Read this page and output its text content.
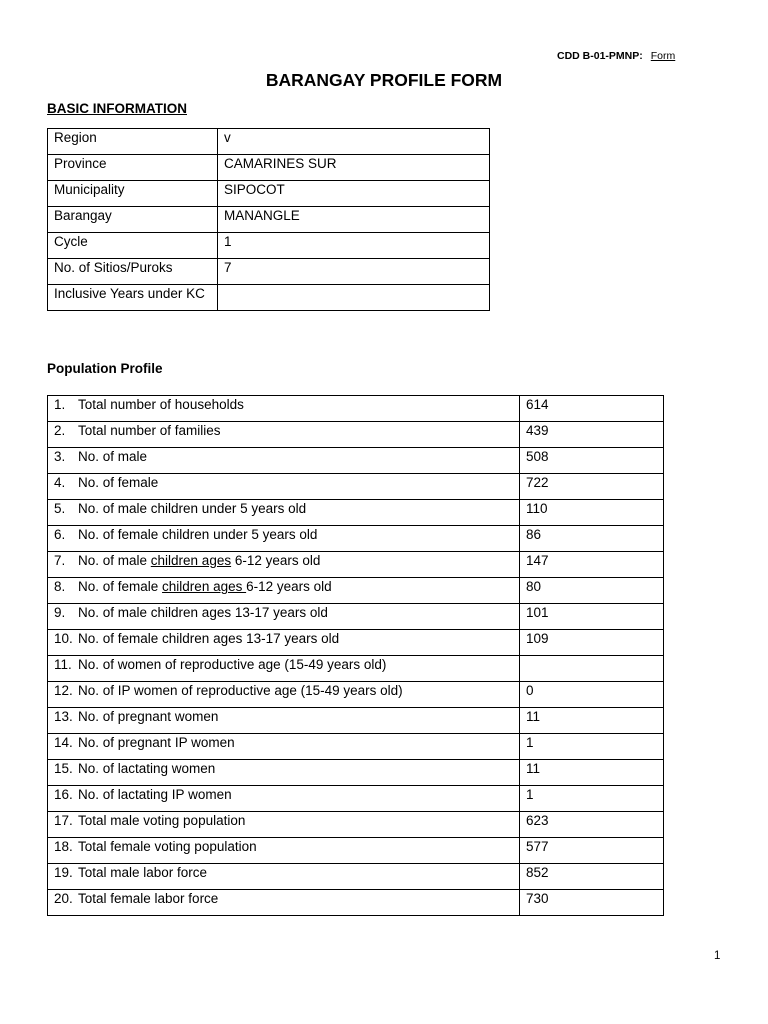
CDD B-01-PMNP: Form
BARANGAY PROFILE FORM
BASIC INFORMATION
Region	v
Province	CAMARINES SUR
Municipality	SIPOCOT
Barangay	MANANGLE
Cycle	1
No. of Sitios/Puroks	7
Inclusive Years under KC	
Population Profile
1. Total number of households	614
2. Total number of families	439
3. No. of male	508
4. No. of female	722
5. No. of male children under 5 years old	110
6. No. of female children under 5 years old	86
7. No. of male children ages 6-12 years old	147
8. No. of female children ages 6-12 years old	80
9. No. of male children ages 13-17 years old	101
10. No. of female children ages 13-17 years old	109
11. No. of women of reproductive age (15-49 years old)	
12. No. of IP women of reproductive age (15-49 years old)	0
13. No. of pregnant women	11
14. No. of pregnant IP women	1
15. No. of lactating women	11
16. No. of lactating IP women	1
17. Total male voting population	623
18. Total female voting population	577
19. Total male labor force	852
20. Total female labor force	730
1
